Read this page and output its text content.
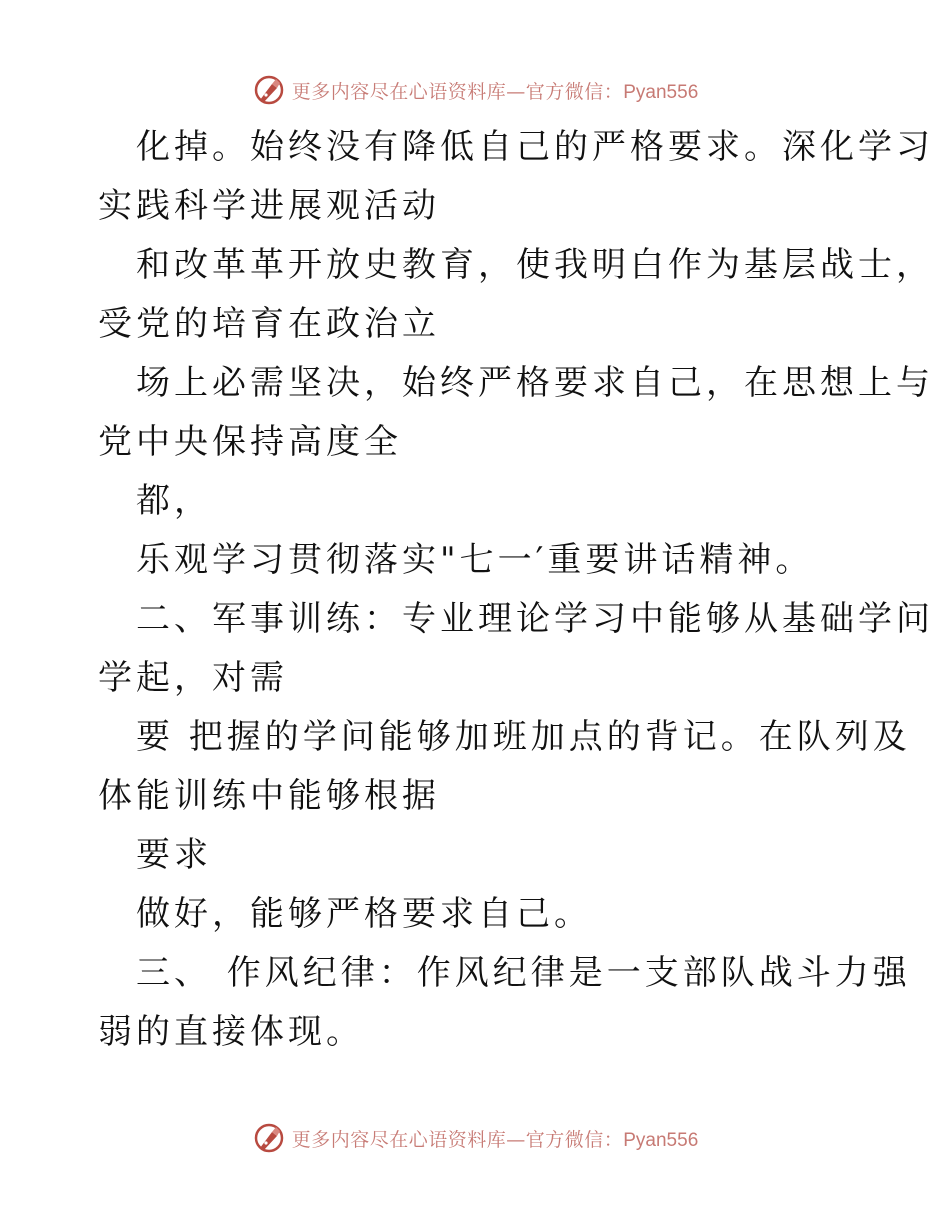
更多内容尽在心语资料库—官方微信：Pyan556
化掉。始终没有降低自己的严格要求。深化学习
实践科学进展观活动
和改革革开放史教育，使我明白作为基层战士，
受党的培育在政治立
场上必需坚决，始终严格要求自己，在思想上与
党中央保持高度全
都，
乐观学习贯彻落实"七一′重要讲话精神。
二、军事训练：专业理论学习中能够从基础学问
学起，对需
要 把握的学问能够加班加点的背记。在队列及
体能训练中能够根据
要求
做好，能够严格要求自己。
三、 作风纪律：作风纪律是一支部队战斗力强
弱的直接体现。
更多内容尽在心语资料库—官方微信：Pyan556
